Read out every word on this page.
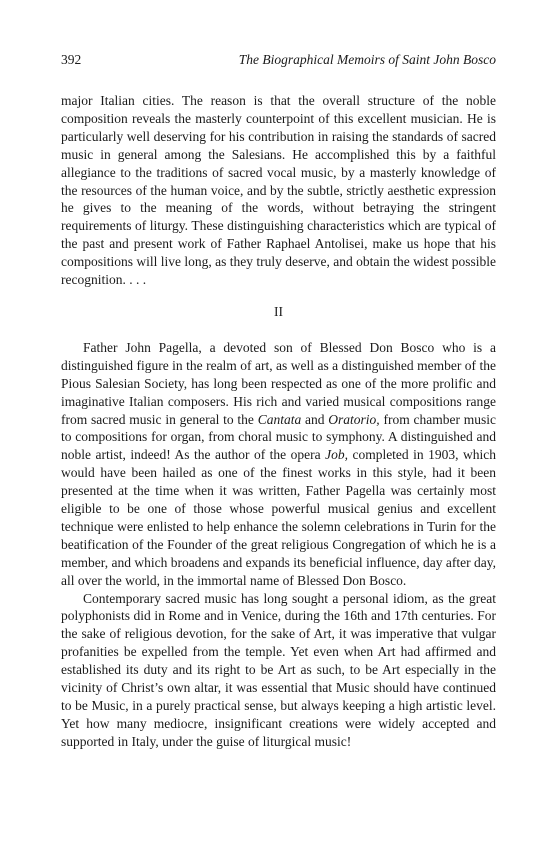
392	The Biographical Memoirs of Saint John Bosco

major Italian cities. The reason is that the overall structure of the noble composition reveals the masterly counterpoint of this excellent musician. He is particularly well deserving for his contribution in raising the standards of sacred music in general among the Salesians. He accomplished this by a faithful allegiance to the traditions of sacred vocal music, by a masterly knowledge of the resources of the human voice, and by the subtle, strictly aesthetic expression he gives to the meaning of the words, without betraying the stringent requirements of liturgy. These distinguishing characteristics which are typical of the past and present work of Father Raphael Antolisei, make us hope that his compositions will live long, as they truly deserve, and obtain the widest possible recognition. . . .

II

Father John Pagella, a devoted son of Blessed Don Bosco who is a distinguished figure in the realm of art, as well as a distinguished member of the Pious Salesian Society, has long been respected as one of the more prolific and imaginative Italian composers. His rich and varied musical compositions range from sacred music in general to the Cantata and Oratorio, from chamber music to compositions for organ, from choral music to symphony. A distinguished and noble artist, indeed! As the author of the opera Job, completed in 1903, which would have been hailed as one of the finest works in this style, had it been presented at the time when it was written, Father Pagella was certainly most eligible to be one of those whose powerful musical genius and excellent technique were enlisted to help enhance the solemn celebrations in Turin for the beatification of the Founder of the great religious Congregation of which he is a member, and which broadens and expands its beneficial influence, day after day, all over the world, in the immortal name of Blessed Don Bosco.

Contemporary sacred music has long sought a personal idiom, as the great polyphonists did in Rome and in Venice, during the 16th and 17th centuries. For the sake of religious devotion, for the sake of Art, it was imperative that vulgar profanities be expelled from the temple. Yet even when Art had affirmed and established its duty and its right to be Art as such, to be Art especially in the vicinity of Christ’s own altar, it was essential that Music should have continued to be Music, in a purely practical sense, but always keeping a high artistic level. Yet how many mediocre, insignificant creations were widely accepted and supported in Italy, under the guise of liturgical music!
